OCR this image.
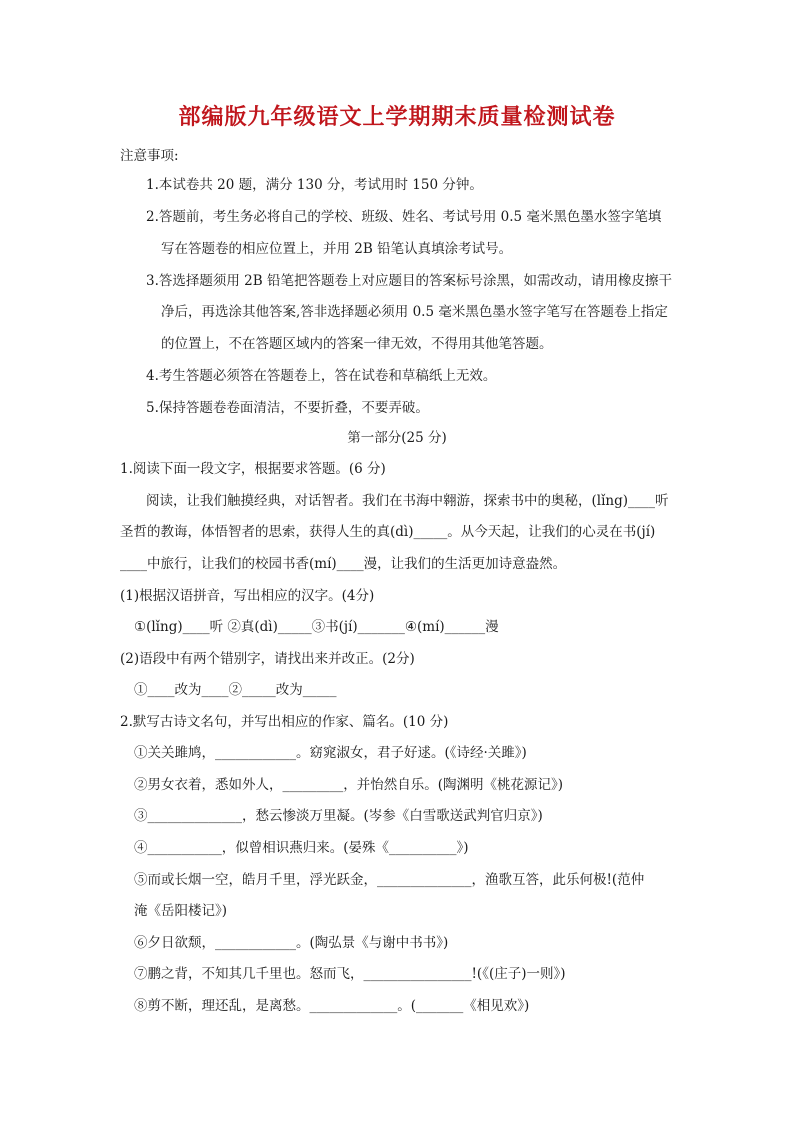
部编版九年级语文上学期期末质量检测试卷
注意事项:
1.本试卷共 20 题，满分 130 分，考试用时 150 分钟。
2.答题前，考生务必将自己的学校、班级、姓名、考试号用 0.5 毫米黑色墨水签字笔填
写在答题卷的相应位置上，并用 2B 铅笔认真填涂考试号。
3.答选择题须用 2B 铅笔把答题卷上对应题目的答案标号涂黑，如需改动，请用橡皮擦干
净后，再选涂其他答案,答非选择题必须用 0.5 毫米黑色墨水签字笔写在答题卷上指定
的位置上，不在答题区域内的答案一律无效，不得用其他笔答题。
4.考生答题必须答在答题卷上，答在试卷和草稿纸上无效。
5.保持答题卷卷面清洁，不要折叠，不要弄破。
第一部分(25 分)
1.阅读下面一段文字，根据要求答题。(6 分)
阅读，让我们触摸经典，对话智者。我们在书海中翱游，探索书中的奥秘，(lǐng)____听
圣哲的教诲，体悟智者的思索，获得人生的真(dì)_____。从今天起，让我们的心灵在书(jí)
____中旅行，让我们的校园书香(mí)____漫，让我们的生活更加诗意盎然。
(1)根据汉语拼音，写出相应的汉字。(4分)
①(lǐng)____听 ②真(dì)_____③书(jí)_______④(mí)______漫
(2)语段中有两个错别字，请找出来并改正。(2分)
①____改为____②_____改为_____
2.默写古诗文名句，并写出相应的作家、篇名。(10 分)
①关关雎鸠，____________。窈窕淑女，君子好逑。(《诗经·关雎》)
②男女衣着，悉如外人，_________，并怡然自乐。(陶渊明《桃花源记》)
③______________，愁云惨淡万里凝。(岑参《白雪歌送武判官归京》)
④___________，似曾相识燕归来。(晏殊《__________》)
⑤而或长烟一空，皓月千里，浮光跃金，______________，渔歌互答，此乐何极!(范仲
淹《岳阳楼记》)
⑥夕日欲颓，____________。(陶弘景《与谢中书书》)
⑦鹏之背，不知其几千里也。怒而飞，________________!(《(庄子)一则》)
⑧剪不断，理还乱，是离愁。_____________。(_______《相见欢》)
